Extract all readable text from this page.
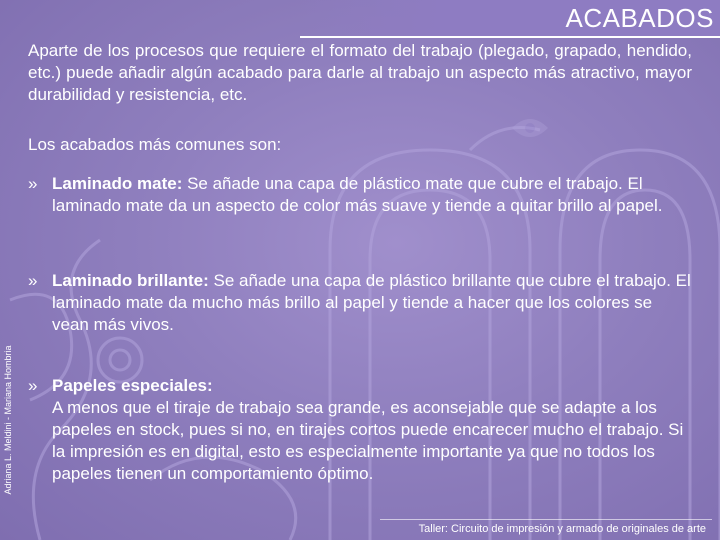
ACABADOS

Aparte de los procesos que requiere el formato del trabajo (plegado, grapado, hendido, etc.) puede añadir algún acabado para darle al trabajo un aspecto más atractivo, mayor durabilidad y resistencia, etc.

Los acabados más comunes son:

» Laminado mate: Se añade una capa de plástico mate que cubre el trabajo. El laminado mate da un aspecto de color más suave y tiende a quitar brillo al papel.
» Laminado brillante: Se añade una capa de plástico brillante que cubre el trabajo. El laminado mate da mucho más brillo al papel y tiende a hacer que los colores se vean más vivos.
» Papeles especiales:
A menos que el tiraje de trabajo sea grande, es aconsejable que se adapte a los papeles en stock, pues si no, en tirajes cortos puede encarecer mucho el trabajo. Si la impresión es en digital, esto es especialmente importante ya que no todos los papeles tienen un comportamiento óptimo.
Adriana L. Meldini - Mariana Hombria
Taller: Circuito de impresión y armado de originales de arte
